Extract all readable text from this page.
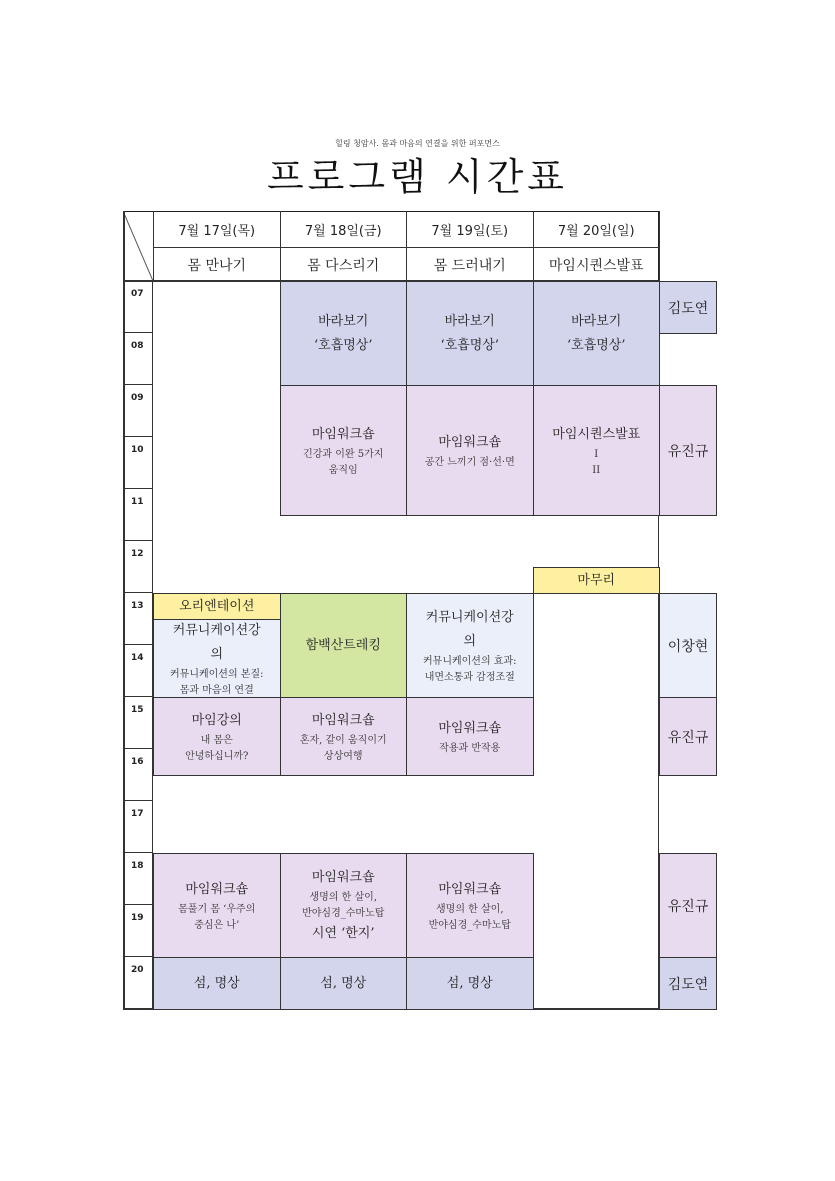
힐링 청암사. 몸과 마음의 연결을 위한 퍼포먼스
프로그램 시간표
7월 17일(목)
몸 만나기
7월 18일(금)
몸 다스리기
7월 19일(토)
몸 드러내기
7월 20일(일)
마임시퀀스발표
07
08
09
10
11
12
13
14
15
16
17
18
19
20
바라보기
‘호흡명상’
바라보기
‘호흡명상’
바라보기
‘호흡명상’
마임워크숍
긴강과 이완 5가지
움직임
마임워크숍
공간 느끼기 점·선·면
마임시퀀스발표
I
II
마무리
오리엔테이션
커뮤니케이션강
의
커뮤니케이션의 본질:
몸과 마음의 연결
함백산트레킹
커뮤니케이션강
의
커뮤니케이션의 효과:
내면소통과 감정조절
마임강의
내 몸은
안녕하십니까?
마임워크숍
혼자, 같이 움직이기
상상여행
마임워크숍
작용과 반작용
마임워크숍
몸풀기 몸 ‘우주의
중심은 나’
마임워크숍
생명의 한 살이,
반야심경_수마노탑
시연 ‘한지’
마임워크숍
생명의 한 살이,
반야심경_수마노탑
섬, 명상	섬, 명상	섬, 명상
김도연
유진규
이창현
유진규
유진규
김도연
